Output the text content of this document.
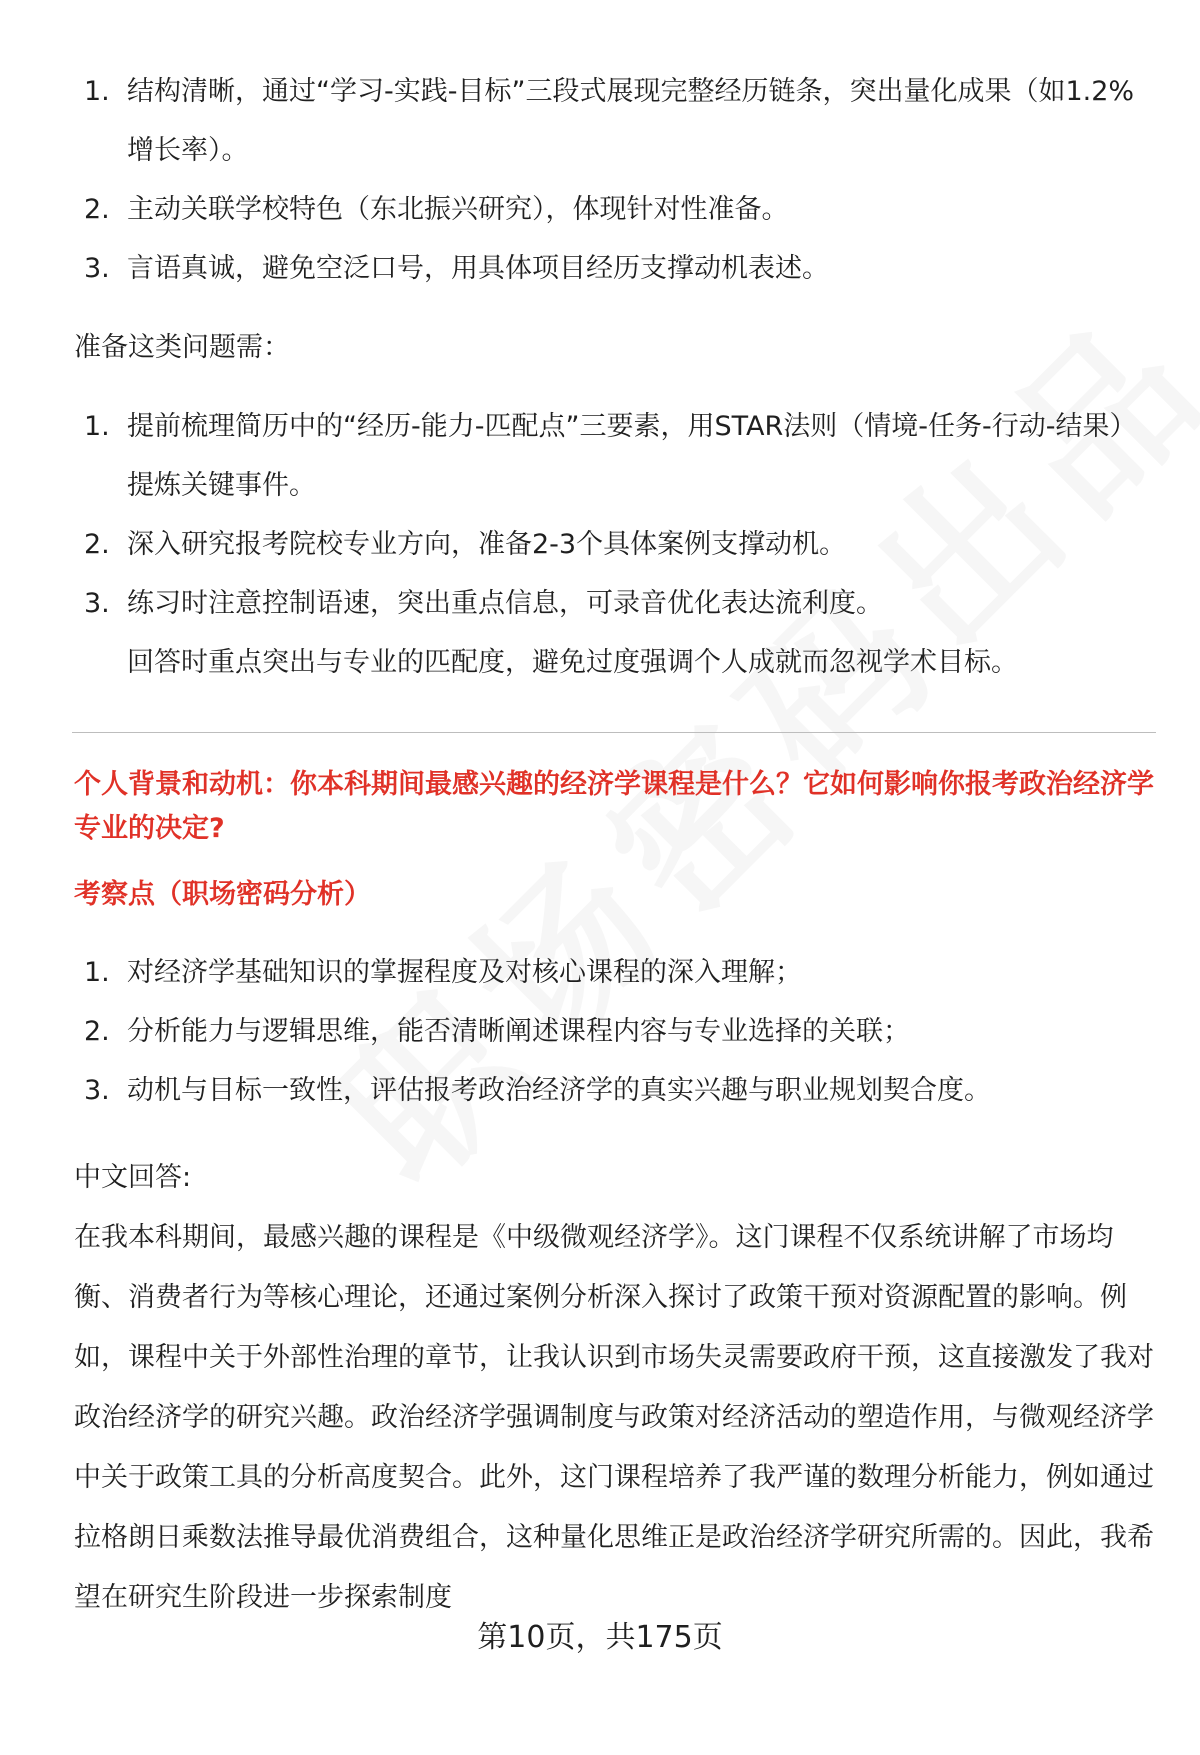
1. 结构清晰，通过“学习-实践-目标”三段式展现完整经历链条，突出量化成果（如1.2%增长率）。
2. 主动关联学校特色（东北振兴研究），体现针对性准备。
3. 言语真诚，避免空泛口号，用具体项目经历支撑动机表述。

准备这类问题需：

1. 提前梳理简历中的“经历-能力-匹配点”三要素，用STAR法则（情境-任务-行动-结果）提炼关键事件。
2. 深入研究报考院校专业方向，准备2-3个具体案例支撑动机。
3. 练习时注意控制语速，突出重点信息，可录音优化表达流利度。

回答时重点突出与专业的匹配度，避免过度强调个人成就而忽视学术目标。

个人背景和动机：你本科期间最感兴趣的经济学课程是什么？它如何影响你报考政治经济学专业的决定?

考察点（职场密码分析）

1. 对经济学基础知识的掌握程度及对核心课程的深入理解；
2. 分析能力与逻辑思维，能否清晰阐述课程内容与专业选择的关联；
3. 动机与目标一致性，评估报考政治经济学的真实兴趣与职业规划契合度。

中文回答:

在我本科期间，最感兴趣的课程是《中级微观经济学》。这门课程不仅系统讲解了市场均衡、消费者行为等核心理论，还通过案例分析深入探讨了政策干预对资源配置的影响。例如，课程中关于外部性治理的章节，让我认识到市场失灵需要政府干预，这直接激发了我对政治经济学的研究兴趣。政治经济学强调制度与政策对经济活动的塑造作用，与微观经济学中关于政策工具的分析高度契合。此外，这门课程培养了我严谨的数理分析能力，例如通过拉格朗日乘数法推导最优消费组合，这种量化思维正是政治经济学研究所需的。因此，我希望在研究生阶段进一步探索制度

第10页，共175页
